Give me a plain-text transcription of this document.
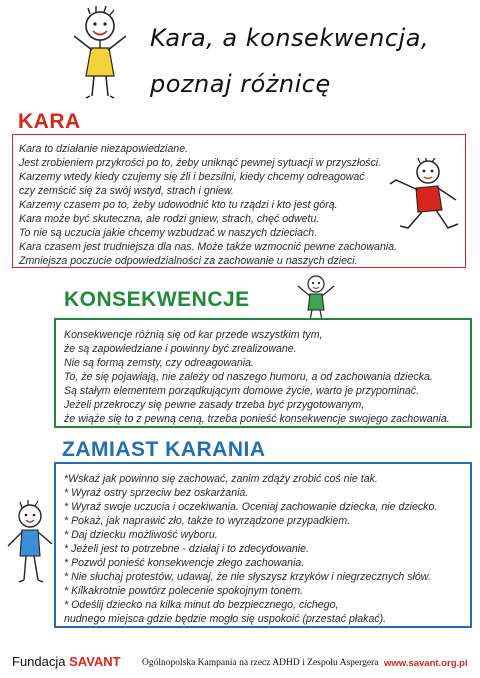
Kara, a konsekwencja,
poznaj różnicę
KARA
Kara to działanie niezapowiedziane.
Jest zrobieniem przykrości po to, żeby uniknąć pewnej sytuacji w przyszłości.
Karzemy wtedy kiedy czujemy się źli i bezsilni, kiedy chcemy odreagować
czy zemścić się za swój wstyd, strach i gniew.
Karzemy czasem po to, żeby udowodnić kto tu rządzi i kto jest górą.
Kara może być skuteczna, ale rodzi gniew, strach, chęć odwetu.
To nie są uczucia jakie chcemy wzbudzać w naszych dzieciach.
Kara czasem jest trudniejsza dla nas. Może także wzmocnić pewne zachowania.
Zmniejsza poczucie odpowiedzialności za zachowanie u naszych dzieci.
KONSEKWENCJE
Konsekwencje różnią się od kar przede wszystkim tym,
że są zapowiedziane i powinny być zrealizowane.
Nie są formą zemsty, czy odreagowania.
To, że się pojawiają, nie zależy od naszego humoru, a od zachowania dziecka.
Są stałym elementem porządkującym domowe życie, warto je przypominać.
Jeżeli przekroczy się pewne zasady trzeba być przygotowanym,
że wiąże się to z pewną ceną, trzeba ponieść konsekwencje swojego zachowania.
ZAMIAST KARANIA
*Wskaż jak powinno się zachować, zanim zdąży zrobić coś nie tak.
* Wyraź ostry sprzeciw bez oskarżania.
* Wyraź swoje uczucia i oczekiwania. Oceniaj zachowanie dziecka, nie dziecko.
* Pokaż, jak naprawić zło, także to wyrządzone przypadkiem.
* Daj dziecku możliwość wyboru.
* Jeżeli jest to potrzebne - działaj i to zdecydowanie.
* Pozwól ponieść konsekwencje złego zachowania.
* Nie słuchaj protestów, udawaj, że nie słyszysz krzyków i niegrzecznych słów.
* Kilkakrotnie powtórz polecenie spokojnym tonem.
* Odeślij dziecko na kilka minut do bezpiecznego, cichego,
nudnego miejsca gdzie będzie mogło się uspokoić (przestać płakać).
Fundacja SAVANT Ogólnopolska Kampania na rzecz ADHD i Zespołu Aspergera www.savant.org.pl
